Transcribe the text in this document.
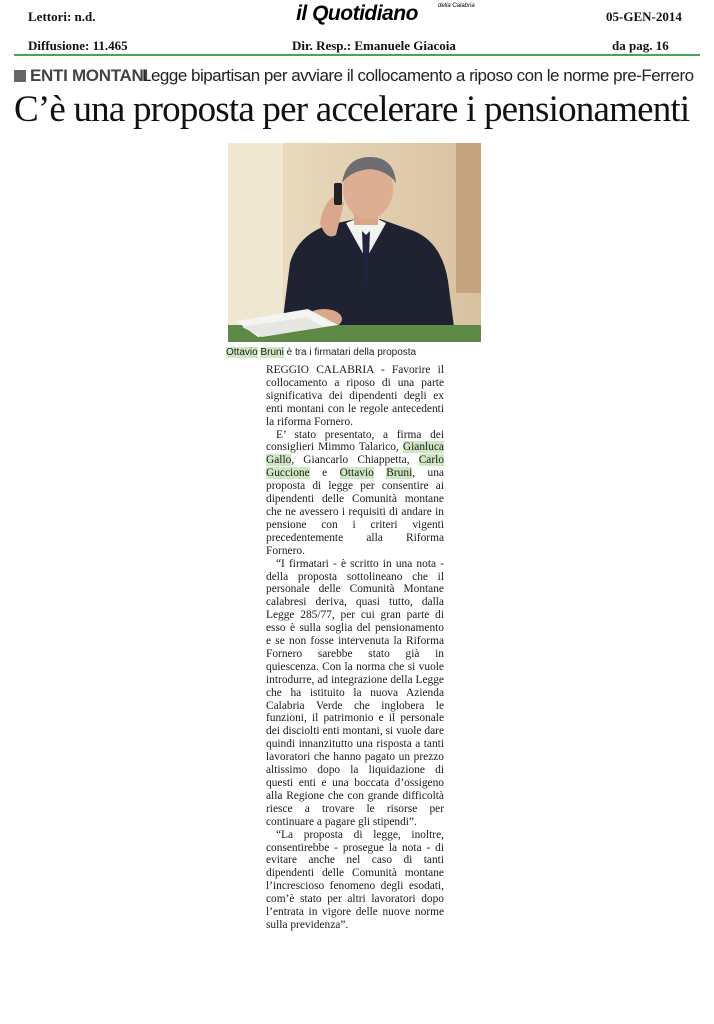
Lettori: n.d.	il Quotidiano	della Calabria
05-GEN-2014
Diffusione: 11.465	Dir. Resp.: Emanuele Giacoia	da pag. 16
ENTI MONTANI
Legge bipartisan per avviare il collocamento a riposo con le norme pre-Ferrero
C’è una proposta per accelerare i pensionamenti
Ottavio Bruni è tra i firmatari della proposta

REGGIO CALABRIA - Favorire il collocamento a riposo di una parte significativa dei dipendenti degli ex enti montani con le regole antecedenti la riforma Fornero.

E’ stato presentato, a firma dei consiglieri Mimmo Talarico, Gianluca Gallo, Giancarlo Chiappetta, Carlo Guccione e Ottavio Bruni, una proposta di legge per consentire ai dipendenti delle Comunità montane che ne avessero i requisiti di andare in pensione con i criteri vigenti precedentemente alla Riforma Fornero.

“I firmatari - è scritto in una nota - della proposta sottolineano che il personale delle Comunità Montane calabresi deriva, quasi tutto, dalla Legge 285/77, per cui gran parte di esso è sulla soglia del pensionamento e se non fosse intervenuta la Riforma Fornero sarebbe stato già in quiescenza. Con la norma che si vuole introdurre, ad integrazione della Legge che ha istituito la nuova Azienda Calabria Verde che inglobera le funzioni, il patrimonio e il personale dei disciolti enti montani, si vuole dare quindi innanzitutto una risposta a tanti lavoratori che hanno pagato un prezzo altissimo dopo la liquidazione di questi enti e una boccata d’ossigeno alla Regione che con grande difficoltà riesce a trovare le risorse per continuare a pagare gli stipendi”.

“La proposta di legge, inoltre, consentirebbe - prosegue la nota - di evitare anche nel caso di tanti dipendenti delle Comunità montane l’increscioso fenomeno degli esodati, com’è stato per altri lavoratori dopo l’entrata in vigore delle nuove norme sulla previdenza”.
